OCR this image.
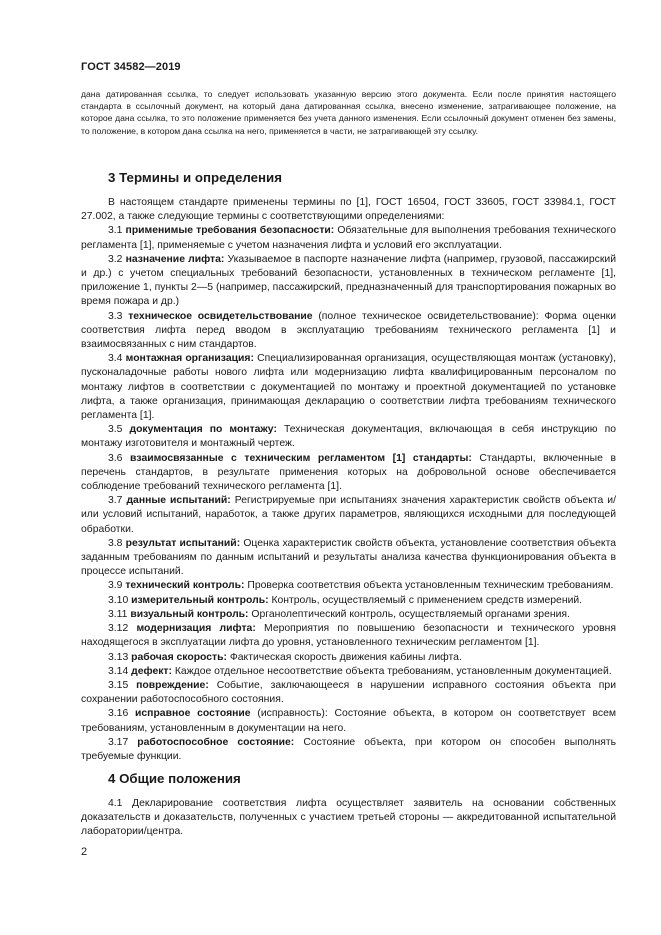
ГОСТ 34582—2019
дана датированная ссылка, то следует использовать указанную версию этого документа. Если после принятия настоящего стандарта в ссылочный документ, на который дана датированная ссылка, внесено изменение, затрагивающее положение, на которое дана ссылка, то это положение применяется без учета данного изменения. Если ссылочный документ отменен без замены, то положение, в котором дана ссылка на него, применяется в части, не затрагивающей эту ссылку.
3 Термины и определения

В настоящем стандарте применены термины по [1], ГОСТ 16504, ГОСТ 33605, ГОСТ 33984.1, ГОСТ 27.002, а также следующие термины с соответствующими определениями:

3.1 применимые требования безопасности: Обязательные для выполнения требования технического регламента [1], применяемые с учетом назначения лифта и условий его эксплуатации.

3.2 назначение лифта: Указываемое в паспорте назначение лифта (например, грузовой, пассажирский и др.) с учетом специальных требований безопасности, установленных в техническом регламенте [1], приложение 1, пункты 2—5 (например, пассажирский, предназначенный для транспортирования пожарных во время пожара и др.)

3.3 техническое освидетельствование (полное техническое освидетельствование): Форма оценки соответствия лифта перед вводом в эксплуатацию требованиям технического регламента [1] и взаимосвязанных с ним стандартов.

3.4 монтажная организация: Специализированная организация, осуществляющая монтаж (установку), пусконаладочные работы нового лифта или модернизацию лифта квалифицированным персоналом по монтажу лифтов в соответствии с документацией по монтажу и проектной документацией по установке лифта, а также организация, принимающая декларацию о соответствии лифта требованиям технического регламента [1].

3.5 документация по монтажу: Техническая документация, включающая в себя инструкцию по монтажу изготовителя и монтажный чертеж.

3.6 взаимосвязанные с техническим регламентом [1] стандарты: Стандарты, включенные в перечень стандартов, в результате применения которых на добровольной основе обеспечивается соблюдение требований технического регламента [1].

3.7 данные испытаний: Регистрируемые при испытаниях значения характеристик свойств объекта и/или условий испытаний, наработок, а также других параметров, являющихся исходными для последующей обработки.

3.8 результат испытаний: Оценка характеристик свойств объекта, установление соответствия объекта заданным требованиям по данным испытаний и результаты анализа качества функционирования объекта в процессе испытаний.

3.9 технический контроль: Проверка соответствия объекта установленным техническим требованиям.

3.10 измерительный контроль: Контроль, осуществляемый с применением средств измерений.

3.11 визуальный контроль: Органолептический контроль, осуществляемый органами зрения.

3.12 модернизация лифта: Мероприятия по повышению безопасности и технического уровня находящегося в эксплуатации лифта до уровня, установленного техническим регламентом [1].

3.13 рабочая скорость: Фактическая скорость движения кабины лифта.

3.14 дефект: Каждое отдельное несоответствие объекта требованиям, установленным документацией.

3.15 повреждение: Событие, заключающееся в нарушении исправного состояния объекта при сохранении работоспособного состояния.

3.16 исправное состояние (исправность): Состояние объекта, в котором он соответствует всем требованиям, установленным в документации на него.

3.17 работоспособное состояние: Состояние объекта, при котором он способен выполнять требуемые функции.

4 Общие положения

4.1 Декларирование соответствия лифта осуществляет заявитель на основании собственных доказательств и доказательств, полученных с участием третьей стороны — аккредитованной испытательной лаборатории/центра.

2
